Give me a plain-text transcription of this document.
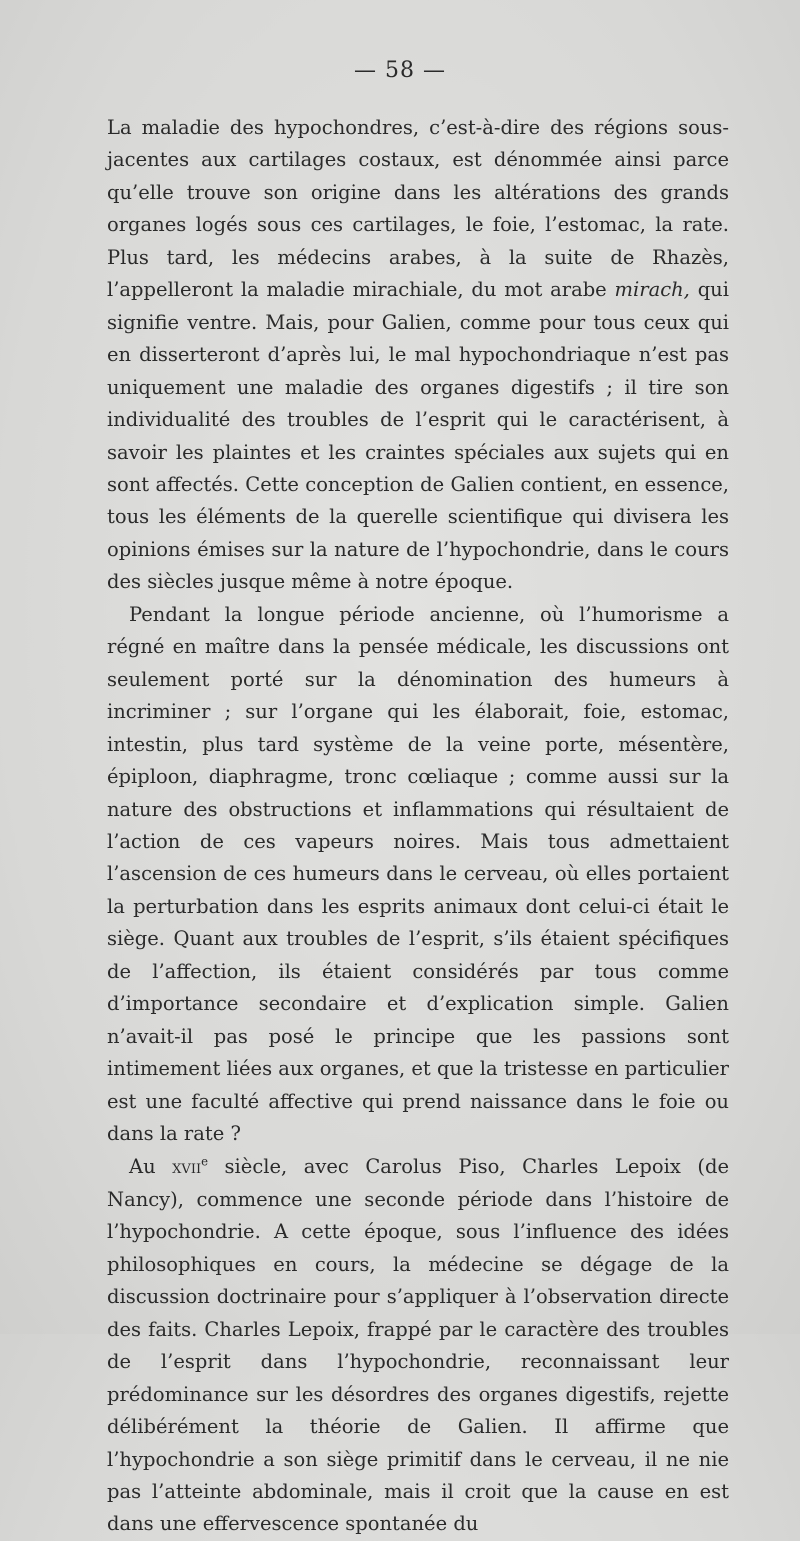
— 58 —

La maladie des hypochondres, c’est-à-dire des régions sous-jacentes aux cartilages costaux, est dénommée ainsi parce qu’elle trouve son origine dans les altérations des grands organes logés sous ces cartilages, le foie, l’estomac, la rate. Plus tard, les médecins arabes, à la suite de Rhazès, l’appelleront la maladie mirachiale, du mot arabe mirach, qui signifie ventre. Mais, pour Galien, comme pour tous ceux qui en disserteront d’après lui, le mal hypochondriaque n’est pas uniquement une maladie des organes digestifs ; il tire son individualité des troubles de l’esprit qui le caractérisent, à savoir les plaintes et les craintes spéciales aux sujets qui en sont affectés. Cette conception de Galien contient, en essence, tous les éléments de la querelle scientifique qui divisera les opinions émises sur la nature de l’hypochondrie, dans le cours des siècles jusque même à notre époque.

Pendant la longue période ancienne, où l’humorisme a régné en maître dans la pensée médicale, les discussions ont seulement porté sur la dénomination des humeurs à incriminer ; sur l’organe qui les élaborait, foie, estomac, intestin, plus tard système de la veine porte, mésentère, épiploon, diaphragme, tronc cœliaque ; comme aussi sur la nature des obstructions et inflammations qui résultaient de l’action de ces vapeurs noires. Mais tous admettaient l’ascension de ces humeurs dans le cerveau, où elles portaient la perturbation dans les esprits animaux dont celui-ci était le siège. Quant aux troubles de l’esprit, s’ils étaient spécifiques de l’affection, ils étaient considérés par tous comme d’importance secondaire et d’explication simple. Galien n’avait-il pas posé le principe que les passions sont intimement liées aux organes, et que la tristesse en particulier est une faculté affective qui prend naissance dans le foie ou dans la rate ?

Au xvii$^e$ siècle, avec Carolus Piso, Charles Lepoix (de Nancy), commence une seconde période dans l’histoire de l’hypochondrie. A cette époque, sous l’influence des idées philosophiques en cours, la médecine se dégage de la discussion doctrinaire pour s’appliquer à l’observation directe des faits. Charles Lepoix, frappé par le caractère des troubles de l’esprit dans l’hypochondrie, reconnaissant leur prédominance sur les désordres des organes digestifs, rejette délibérément la théorie de Galien. Il affirme que l’hypochondrie a son siège primitif dans le cerveau, il ne nie pas l’atteinte abdominale, mais il croit que la cause en est dans une effervescence spontanée du
